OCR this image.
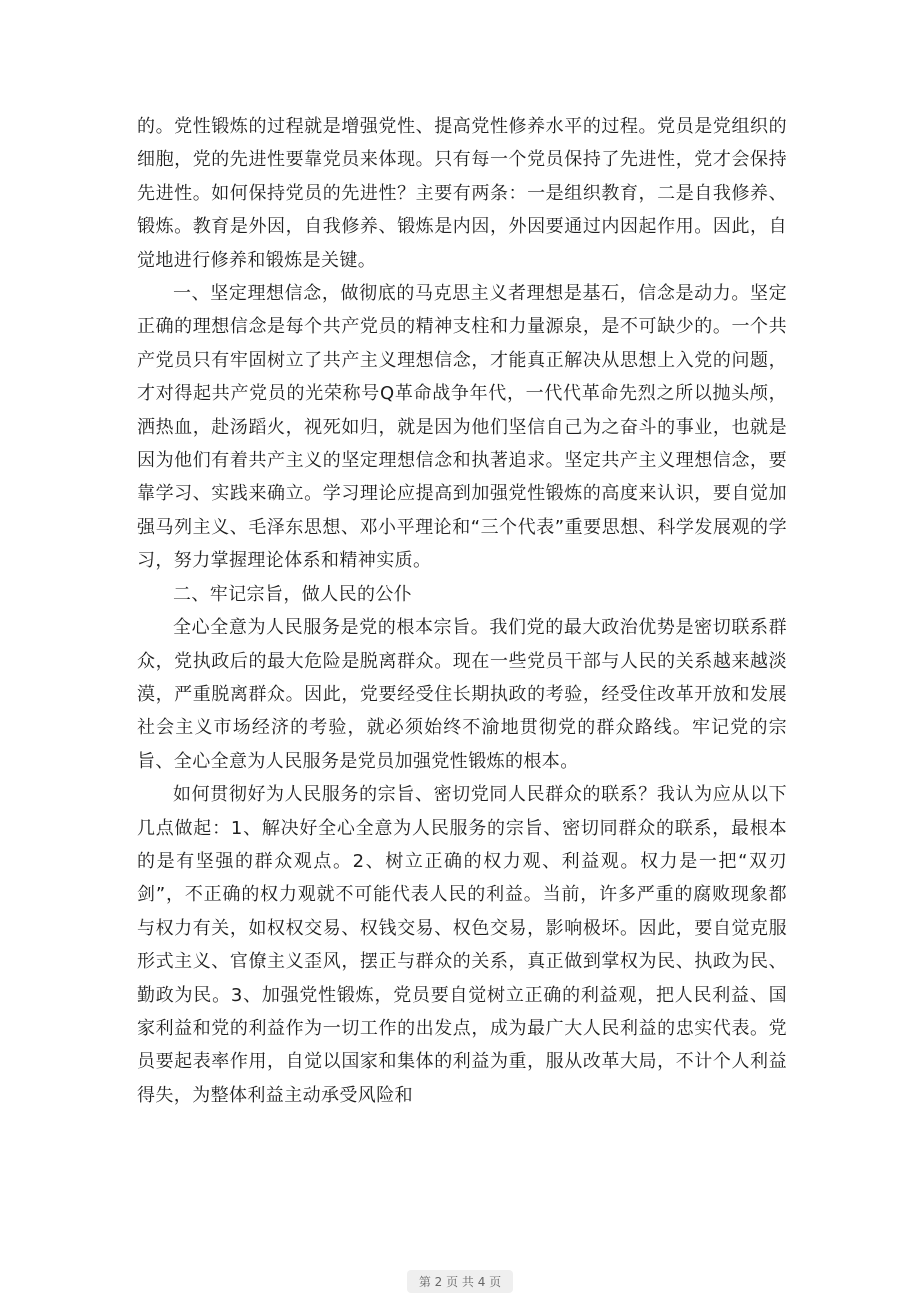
的。党性锻炼的过程就是增强党性、提高党性修养水平的过程。党员是党组织的细胞，党的先进性要靠党员来体现。只有每一个党员保持了先进性，党才会保持先进性。如何保持党员的先进性？主要有两条：一是组织教育，二是自我修养、锻炼。教育是外因，自我修养、锻炼是内因，外因要通过内因起作用。因此，自觉地进行修养和锻炼是关键。

一、坚定理想信念，做彻底的马克思主义者理想是基石，信念是动力。坚定正确的理想信念是每个共产党员的精神支柱和力量源泉，是不可缺少的。一个共产党员只有牢固树立了共产主义理想信念，才能真正解决从思想上入党的问题，才对得起共产党员的光荣称号Q革命战争年代，一代代革命先烈之所以抛头颅，洒热血，赴汤蹈火，视死如归，就是因为他们坚信自己为之奋斗的事业，也就是因为他们有着共产主义的坚定理想信念和执著追求。坚定共产主义理想信念，要靠学习、实践来确立。学习理论应提高到加强党性锻炼的高度来认识，要自觉加强马列主义、毛泽东思想、邓小平理论和“三个代表”重要思想、科学发展观的学习，努力掌握理论体系和精神实质。

二、牢记宗旨，做人民的公仆

全心全意为人民服务是党的根本宗旨。我们党的最大政治优势是密切联系群众，党执政后的最大危险是脱离群众。现在一些党员干部与人民的关系越来越淡漠，严重脱离群众。因此，党要经受住长期执政的考验，经受住改革开放和发展社会主义市场经济的考验，就必须始终不渝地贯彻党的群众路线。牢记党的宗旨、全心全意为人民服务是党员加强党性锻炼的根本。

如何贯彻好为人民服务的宗旨、密切党同人民群众的联系？我认为应从以下几点做起：1、解决好全心全意为人民服务的宗旨、密切同群众的联系，最根本的是有坚强的群众观点。2、树立正确的权力观、利益观。权力是一把“双刃剑”，不正确的权力观就不可能代表人民的利益。当前，许多严重的腐败现象都与权力有关，如权权交易、权钱交易、权色交易，影响极坏。因此，要自觉克服形式主义、官僚主义歪风，摆正与群众的关系，真正做到掌权为民、执政为民、勤政为民。3、加强党性锻炼，党员要自觉树立正确的利益观，把人民利益、国家利益和党的利益作为一切工作的出发点，成为最广大人民利益的忠实代表。党员要起表率作用，自觉以国家和集体的利益为重，服从改革大局，不计个人利益得失，为整体利益主动承受风险和

第 2 页 共 4 页
